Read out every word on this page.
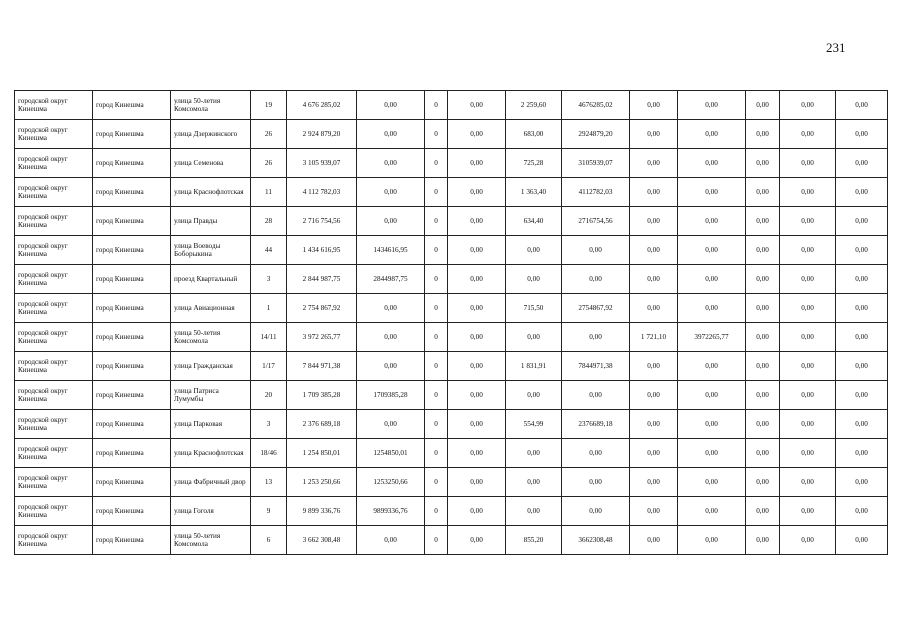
231
городской округ Кинешма	город Кинешма	улица 50-летия Комсомола	19	4 676 285,02	0,00	0	0,00	2 259,60	4676285,02	0,00	0,00	0,00	0,00	0,00
городской округ Кинешма	город Кинешма	улица Дзержинского	26	2 924 879,20	0,00	0	0,00	683,00	2924879,20	0,00	0,00	0,00	0,00	0,00
городской округ Кинешма	город Кинешма	улица Семенова	26	3 105 939,07	0,00	0	0,00	725,28	3105939,07	0,00	0,00	0,00	0,00	0,00
городской округ Кинешма	город Кинешма	улица Краснофлотская	11	4 112 782,03	0,00	0	0,00	1 363,40	4112782,03	0,00	0,00	0,00	0,00	0,00
городской округ Кинешма	город Кинешма	улица Правды	28	2 716 754,56	0,00	0	0,00	634,40	2716754,56	0,00	0,00	0,00	0,00	0,00
городской округ Кинешма	город Кинешма	улица Воеводы Боборыкина	44	1 434 616,95	1434616,95	0	0,00	0,00	0,00	0,00	0,00	0,00	0,00	0,00
городской округ Кинешма	город Кинешма	проезд Квартальный	3	2 844 987,75	2844987,75	0	0,00	0,00	0,00	0,00	0,00	0,00	0,00	0,00
городской округ Кинешма	город Кинешма	улица Авиационная	1	2 754 867,92	0,00	0	0,00	715,50	2754867,92	0,00	0,00	0,00	0,00	0,00
городской округ Кинешма	город Кинешма	улица 50-летия Комсомола	14/11	3 972 265,77	0,00	0	0,00	0,00	0,00	1 721,10	3972265,77	0,00	0,00	0,00
городской округ Кинешма	город Кинешма	улица Гражданская	1/17	7 844 971,38	0,00	0	0,00	1 831,91	7844971,38	0,00	0,00	0,00	0,00	0,00
городской округ Кинешма	город Кинешма	улица Патриса Лумумбы	20	1 709 385,28	1709385,28	0	0,00	0,00	0,00	0,00	0,00	0,00	0,00	0,00
городской округ Кинешма	город Кинешма	улица Парковая	3	2 376 689,18	0,00	0	0,00	554,99	2376689,18	0,00	0,00	0,00	0,00	0,00
городской округ Кинешма	город Кинешма	улица Краснофлотская	18/46	1 254 850,01	1254850,01	0	0,00	0,00	0,00	0,00	0,00	0,00	0,00	0,00
городской округ Кинешма	город Кинешма	улица Фабричный двор	13	1 253 250,66	1253250,66	0	0,00	0,00	0,00	0,00	0,00	0,00	0,00	0,00
городской округ Кинешма	город Кинешма	улица Гоголя	9	9 899 336,76	9899336,76	0	0,00	0,00	0,00	0,00	0,00	0,00	0,00	0,00
городской округ Кинешма	город Кинешма	улица 50-летия Комсомола	6	3 662 308,48	0,00	0	0,00	855,20	3662308,48	0,00	0,00	0,00	0,00	0,00
